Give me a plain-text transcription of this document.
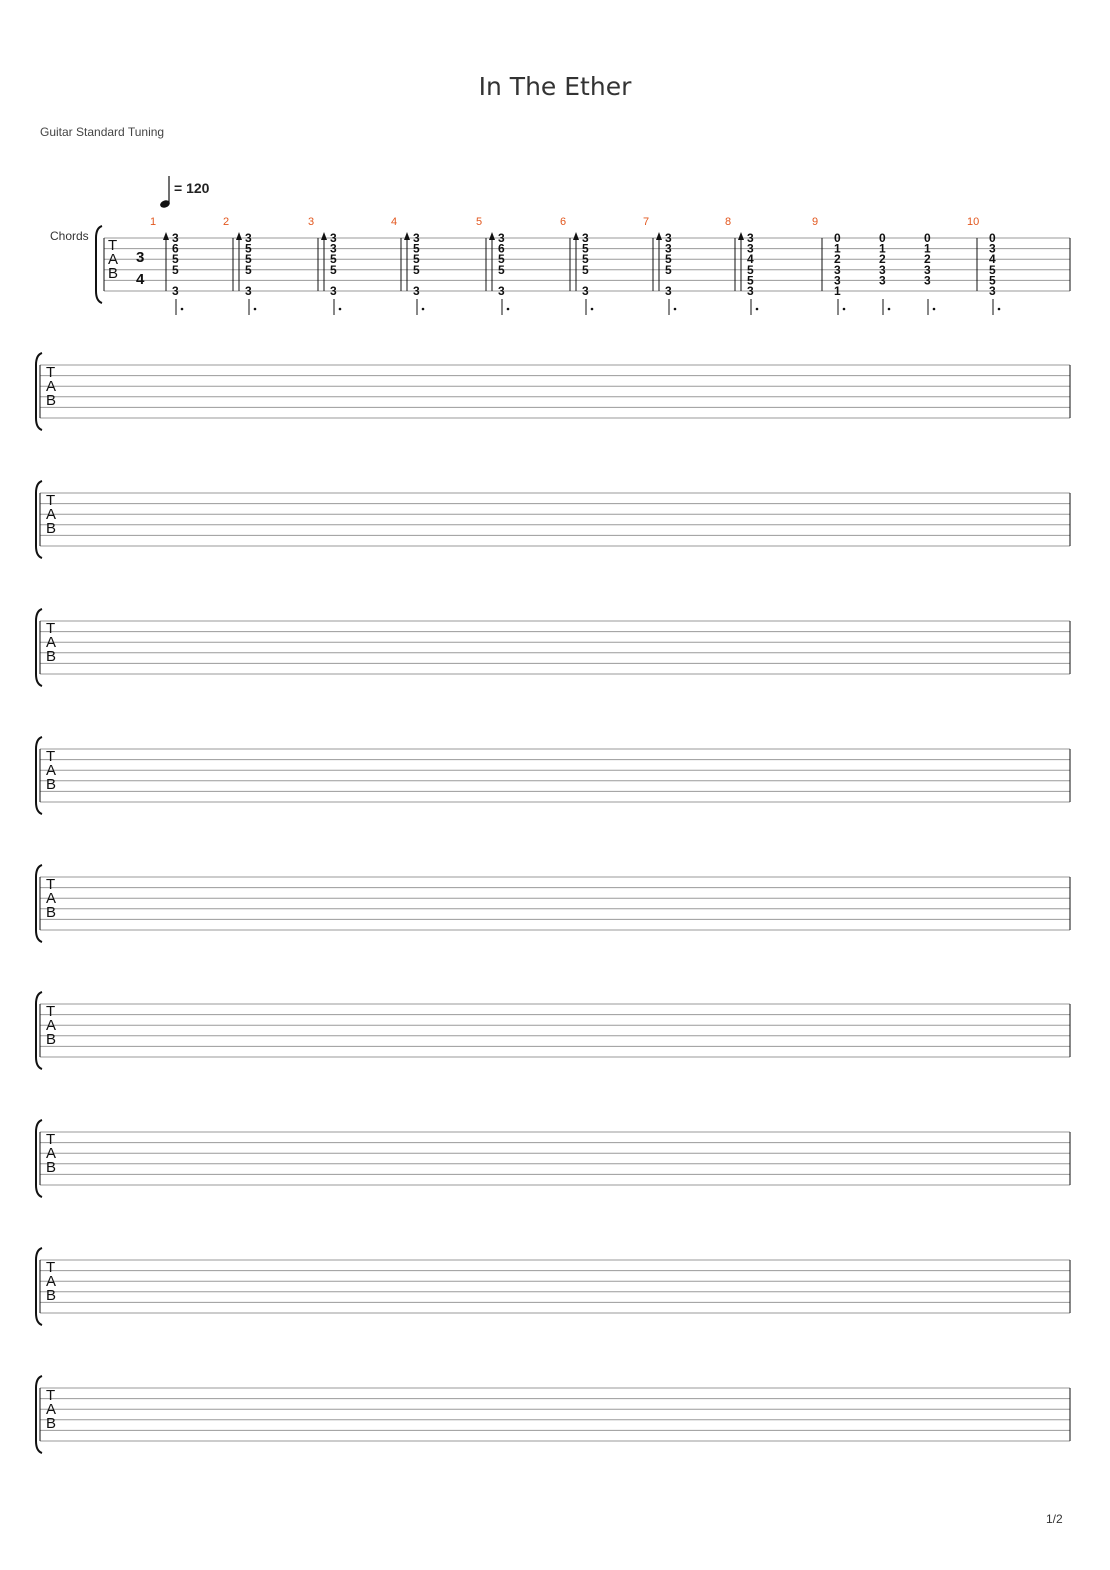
In The Ether
Guitar Standard Tuning
= 120
Chords
T
A
B
T
A
B
T
A
B
T
A
B
T
A
B
T
A
B
T
A
B
T
A
B
T
A
B
T
A
B
3
4
1
3
6
5
5
3
2
3
5
5
5
3
3
3
3
5
5
3
4
3
5
5
5
3
5
3
6
5
5
3
6
3
5
5
5
3
7
3
3
5
5
3
8
3
3
4
5
5
3
9
0
1
2
3
3
1
0
1
2
3
3
0
1
2
3
3
10
0
3
4
5
5
3
1/2
